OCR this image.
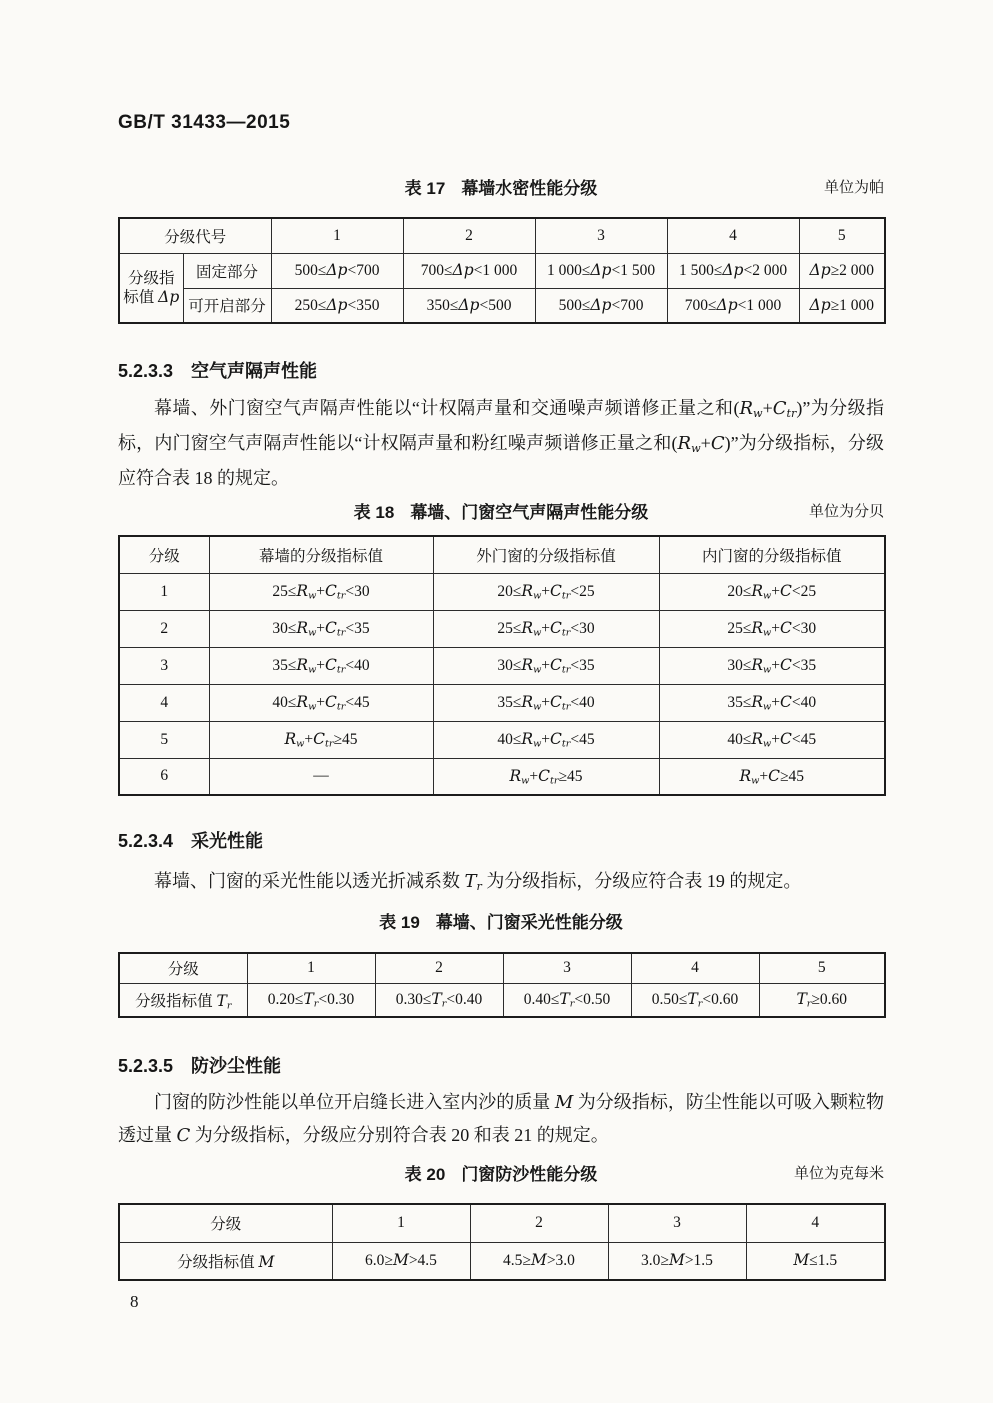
GB/T 31433—2015
表 17 幕墙水密性能分级	单位为帕
分级代号		1	2	3	4	5
分级指
标值 Δp	固定部分	500≤Δp<700	700≤Δp<1 000	1 000≤Δp<1 500	1 500≤Δp<2 000	Δp≥2 000
	可开启部分	250≤Δp<350	350≤Δp<500	500≤Δp<700	700≤Δp<1 000	Δp≥1 000
5.2.3.3 空气声隔声性能

幕墙、外门窗空气声隔声性能以“计权隔声量和交通噪声频谱修正量之和$(R_w+C_{tr})$”为分级指标，内门窗空气声隔声性能以“计权隔声量和粉红噪声频谱修正量之和$(R_w+C)$”为分级指标，分级应符合表 18 的规定。

表 18 幕墙、门窗空气声隔声性能分级	单位为分贝
分级	幕墙的分级指标值	外门窗的分级指标值	内门窗的分级指标值
1	$25\le R_w+C_{tr}<30$	$20\le R_w+C_{tr}<25$	$20\le R_w+C<25$
2	$30\le R_w+C_{tr}<35$	$25\le R_w+C_{tr}<30$	$25\le R_w+C<30$
3	$35\le R_w+C_{tr}<40$	$30\le R_w+C_{tr}<35$	$30\le R_w+C<35$
4	$40\le R_w+C_{tr}<45$	$35\le R_w+C_{tr}<40$	$35\le R_w+C<40$
5	$R_w+C_{tr}\ge 45$	$40\le R_w+C_{tr}<45$	$40\le R_w+C<45$
6	—	$R_w+C_{tr}\ge 45$	$R_w+C\ge 45$
5.2.3.4 采光性能

幕墙、门窗的采光性能以透光折减系数 $T_r$ 为分级指标，分级应符合表 19 的规定。

表 19 幕墙、门窗采光性能分级
分级	1	2	3	4	5
分级指标值 $T_r$	$0.20\le T_r<0.30$	$0.30\le T_r<0.40$	$0.40\le T_r<0.50$	$0.50\le T_r<0.60$	$T_r\ge 0.60$
5.2.3.5 防沙尘性能

门窗的防沙性能以单位开启缝长进入室内沙的质量 M 为分级指标，防尘性能以可吸入颗粒物透过量 C 为分级指标，分级应分别符合表 20 和表 21 的规定。

表 20 门窗防沙性能分级	单位为克每米
分级	1	2	3	4
分级指标值 M	6.0≥M>4.5	4.5≥M>3.0	3.0≥M>1.5	M≤1.5
8
